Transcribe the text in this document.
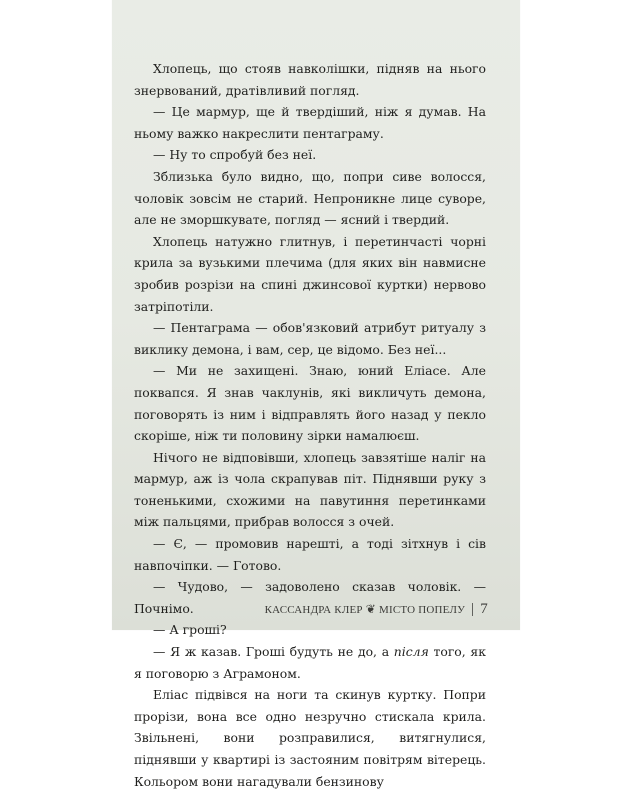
Хлопець, що стояв навколішки, підняв на нього знервований, дратівливий погляд.

— Це мармур, ще й твердіший, ніж я думав. На ньому важко накреслити пентаграму.

— Ну то спробуй без неї.

Зблизька було видно, що, попри сиве волосся, чоловік зовсім не старий. Непроникне лице суворе, але не зморшкувате, погляд — ясний і твердий.

Хлопець натужно глитнув, і перетинчасті чорні крила за вузькими плечима (для яких він навмисне зробив розрізи на спині джинсової куртки) нервово затріпотіли.

— Пентаграма — обов'язковий атрибут ритуалу з виклику демона, і вам, сер, це відомо. Без неї...

— Ми не захищені. Знаю, юний Еліасе. Але поквапся. Я знав чаклунів, які викличуть демона, поговорять із ним і відправлять його назад у пекло скоріше, ніж ти половину зірки намалюєш.

Нічого не відповівши, хлопець завзятіше наліг на мармур, аж із чола скрапував піт. Піднявши руку з тоненькими, схожими на павутиння перетинками між пальцями, прибрав волосся з очей.

— Є, — промовив нарешті, а тоді зітхнув і сів навпочіпки. — Готово.

— Чудово, — задоволено сказав чоловік. — Почнімо.

— А гроші?

— Я ж казав. Гроші будуть не до, а після того, як я поговорю з Аграмоном.

Еліас підвівся на ноги та скинув куртку. Попри прорізи, вона все одно незручно стискала крила. Звільнені, вони розправилися, витягнулися, піднявши у квартирі із застояним повітрям вітерець. Кольором вони нагадували бензинову

КАССАНДРА КЛЕР ❦ МІСТО ПОПЕЛУ | 7
